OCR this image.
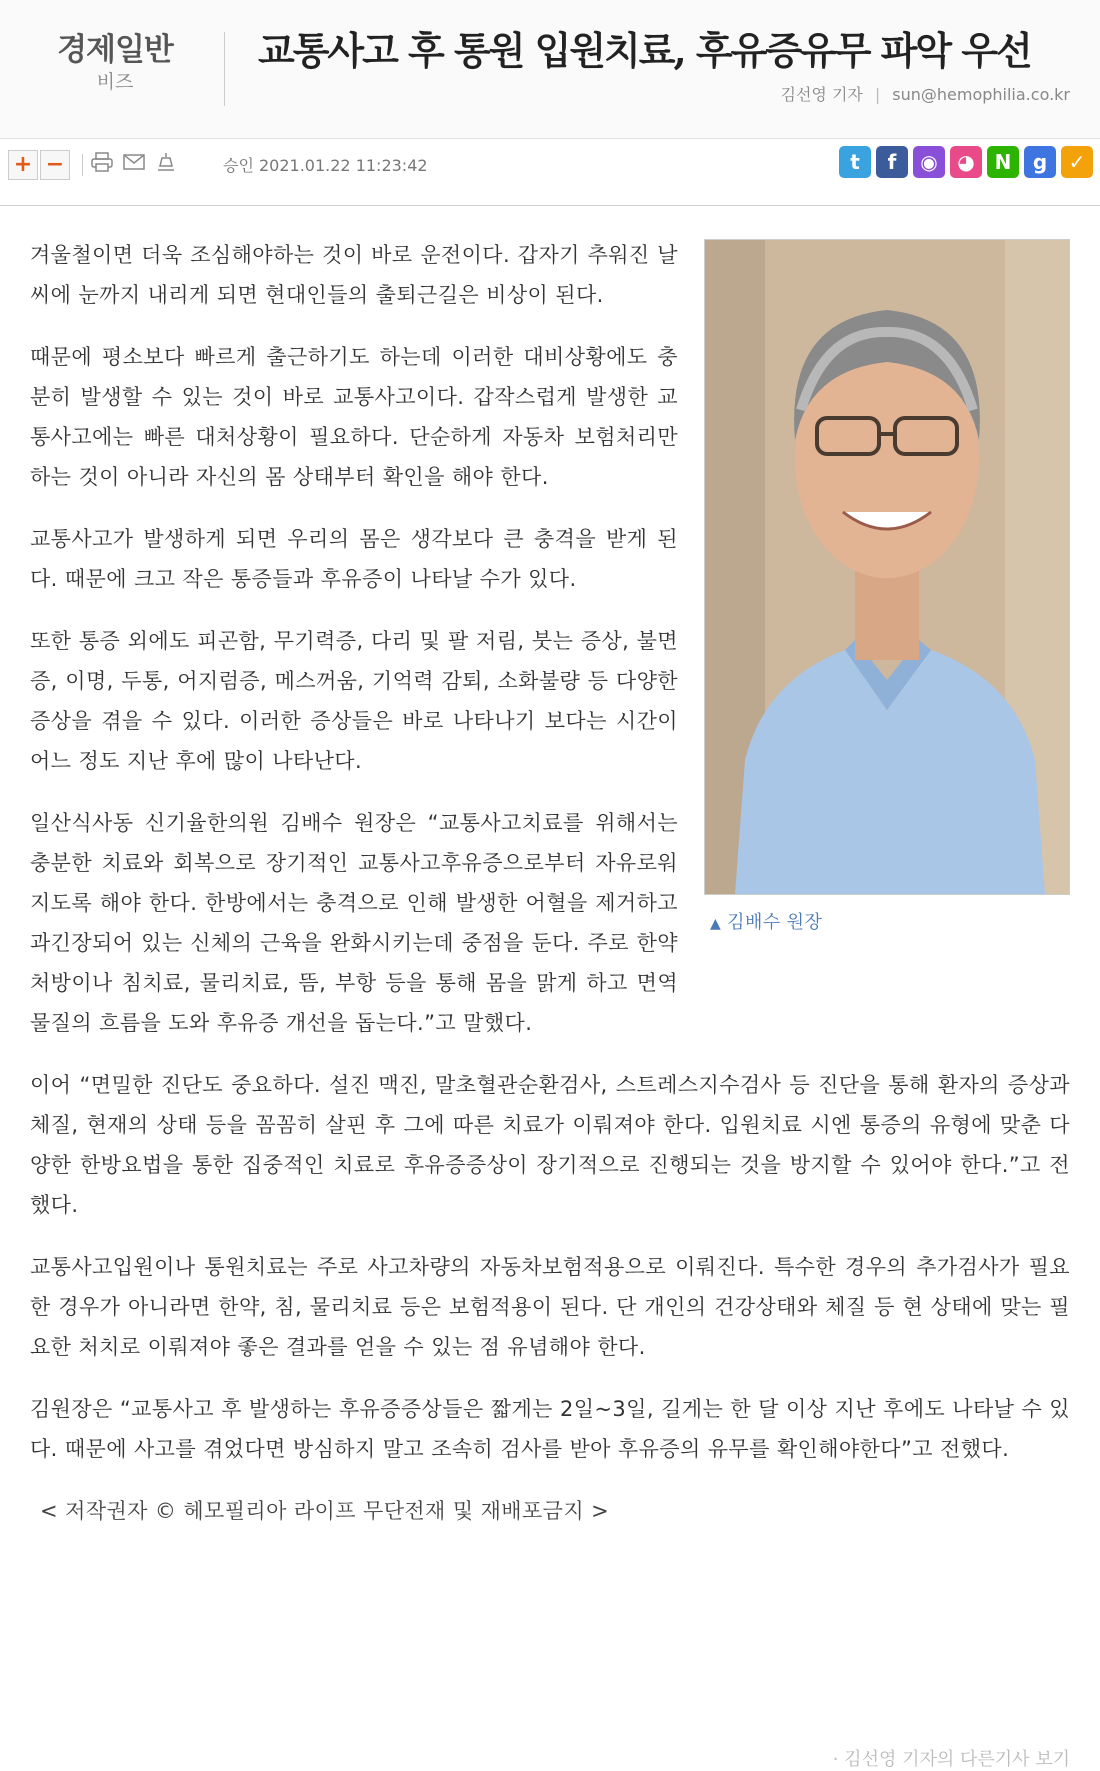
경제일반
비즈
교통사고 후 통원 입원치료, 후유증유무 파악 우선
김선영 기자 | sun@hemophilia.co.kr
+ −	승인 2021.01.22 11:23:42	t	f	◉ ◕ N	g	✓
▲ 김배수 원장

겨울철이면 더욱 조심해야하는 것이 바로 운전이다. 갑자기 추워진 날씨에 눈까지 내리게 되면 현대인들의 출퇴근길은 비상이 된다.

때문에 평소보다 빠르게 출근하기도 하는데 이러한 대비상황에도 충분히 발생할 수 있는 것이 바로 교통사고이다. 갑작스럽게 발생한 교통사고에는 빠른 대처상황이 필요하다. 단순하게 자동차 보험처리만 하는 것이 아니라 자신의 몸 상태부터 확인을 해야 한다.

교통사고가 발생하게 되면 우리의 몸은 생각보다 큰 충격을 받게 된다. 때문에 크고 작은 통증들과 후유증이 나타날 수가 있다.

또한 통증 외에도 피곤함, 무기력증, 다리 및 팔 저림, 붓는 증상, 불면증, 이명, 두통, 어지럼증, 메스꺼움, 기억력 감퇴, 소화불량 등 다양한 증상을 겪을 수 있다. 이러한 증상들은 바로 나타나기 보다는 시간이 어느 정도 지난 후에 많이 나타난다.

일산식사동 신기율한의원 김배수 원장은 “교통사고치료를 위해서는 충분한 치료와 회복으로 장기적인 교통사고후유증으로부터 자유로워지도록 해야 한다. 한방에서는 충격으로 인해 발생한 어혈을 제거하고 과긴장되어 있는 신체의 근육을 완화시키는데 중점을 둔다. 주로 한약처방이나 침치료, 물리치료, 뜸, 부항 등을 통해 몸을 맑게 하고 면역물질의 흐름을 도와 후유증 개선을 돕는다.”고 말했다.

이어 “면밀한 진단도 중요하다. 설진 맥진, 말초혈관순환검사, 스트레스지수검사 등 진단을 통해 환자의 증상과 체질, 현재의 상태 등을 꼼꼼히 살핀 후 그에 따른 치료가 이뤄져야 한다. 입원치료 시엔 통증의 유형에 맞춘 다양한 한방요법을 통한 집중적인 치료로 후유증증상이 장기적으로 진행되는 것을 방지할 수 있어야 한다.”고 전했다.

교통사고입원이나 통원치료는 주로 사고차량의 자동차보험적용으로 이뤄진다. 특수한 경우의 추가검사가 필요한 경우가 아니라면 한약, 침, 물리치료 등은 보험적용이 된다. 단 개인의 건강상태와 체질 등 현 상태에 맞는 필요한 처치로 이뤄져야 좋은 결과를 얻을 수 있는 점 유념해야 한다.

김원장은 “교통사고 후 발생하는 후유증증상들은 짧게는 2일~3일, 길게는 한 달 이상 지난 후에도 나타날 수 있다. 때문에 사고를 겪었다면 방심하지 말고 조속히 검사를 받아 후유증의 유무를 확인해야한다”고 전했다.

< 저작권자 © 헤모필리아 라이프 무단전재 및 재배포금지 >
· 김선영 기자의 다른기사 보기
